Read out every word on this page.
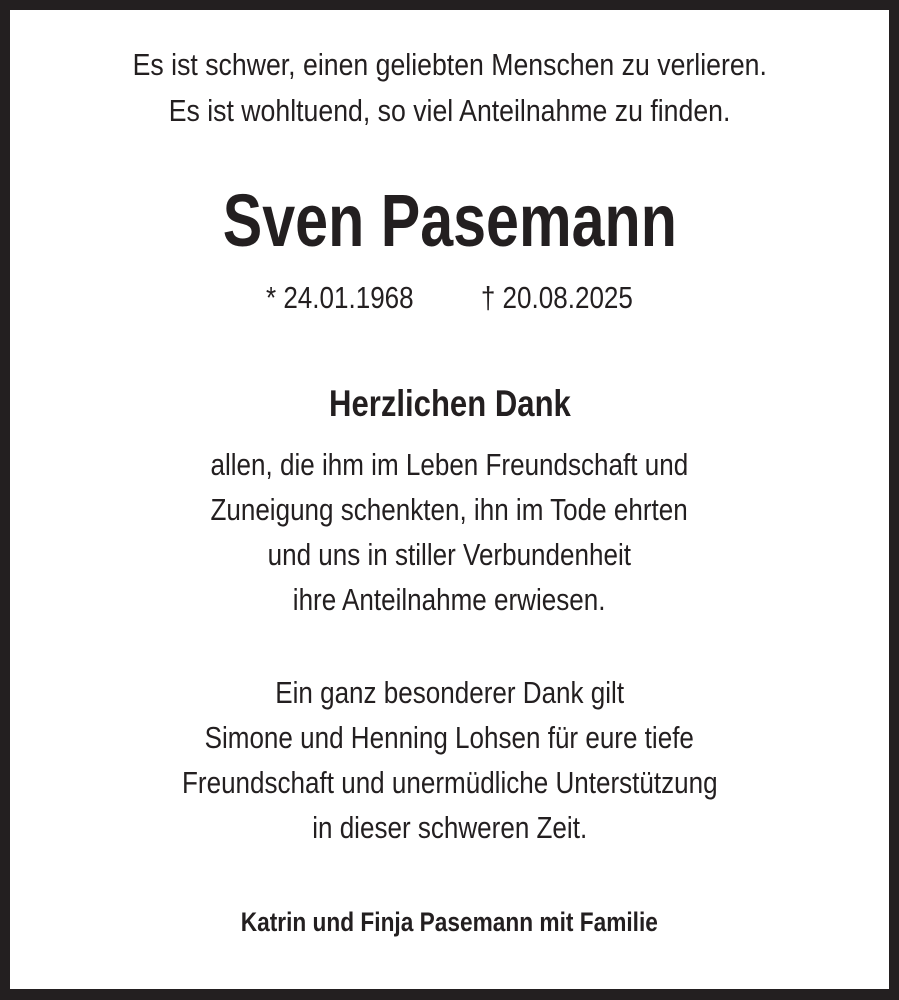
Es ist schwer, einen geliebten Menschen zu verlieren.
Es ist wohltuend, so viel Anteilnahme zu finden.
Sven Pasemann
* 24.01.1968 † 20.08.2025
Herzlichen Dank
allen, die ihm im Leben Freundschaft und
Zuneigung schenkten, ihn im Tode ehrten
und uns in stiller Verbundenheit
ihre Anteilnahme erwiesen.
Ein ganz besonderer Dank gilt
Simone und Henning Lohsen für eure tiefe
Freundschaft und unermüdliche Unterstützung
in dieser schweren Zeit.
Katrin und Finja Pasemann mit Familie
